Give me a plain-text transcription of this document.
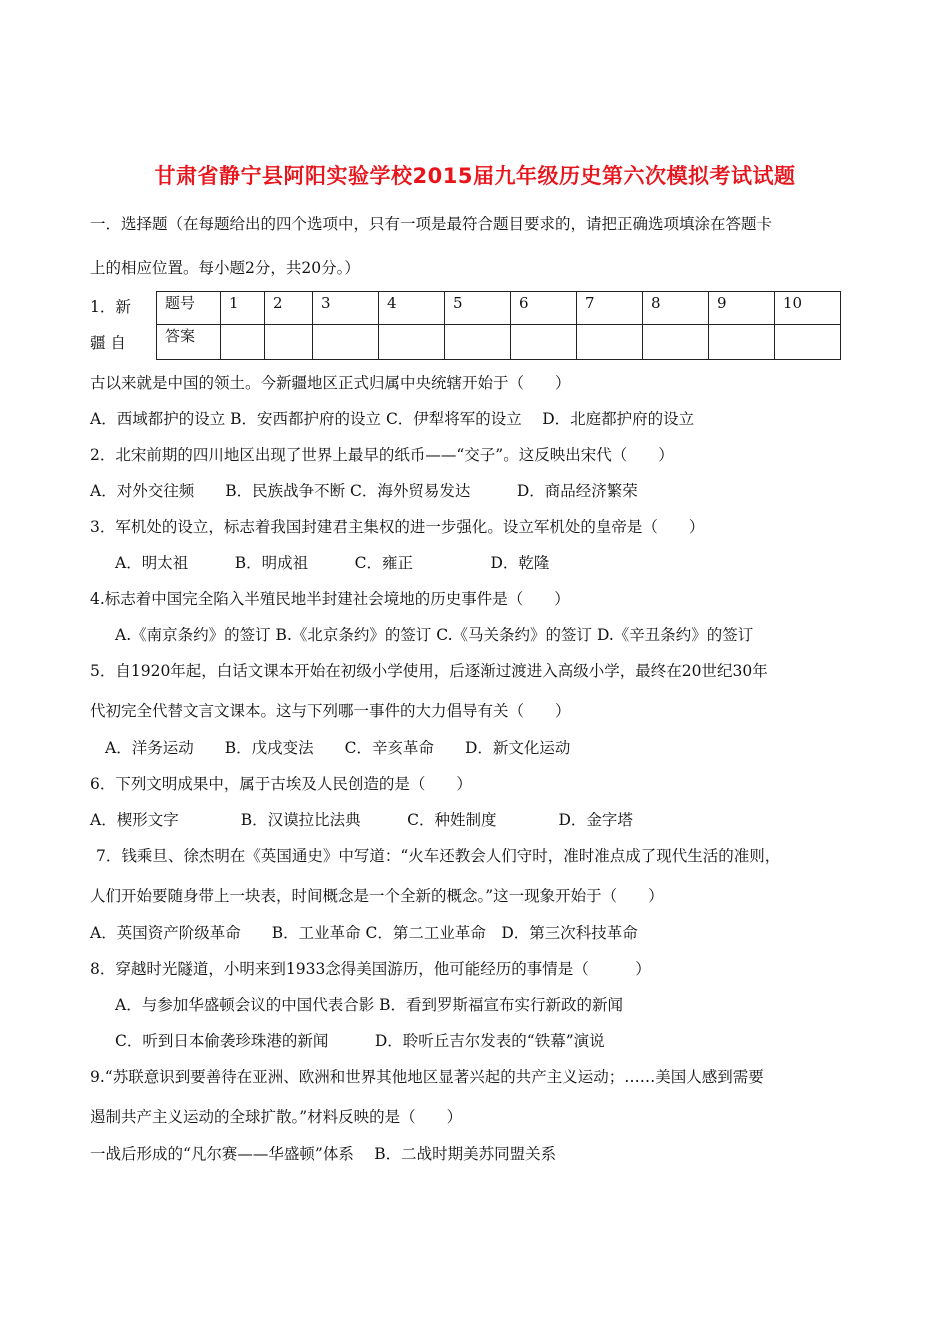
甘肃省静宁县阿阳实验学校2015届九年级历史第六次模拟考试试题
一．选择题（在每题给出的四个选项中，只有一项是最符合题目要求的，请把正确选项填涂在答题卡
上的相应位置。每小题2分，共20分。）
1．新
疆 自
题号	1	2	3	4	5	6	7	8	9	10
答案										
古以来就是中国的领土。今新疆地区正式归属中央统辖开始于（　　）
A．西域都护的设立 B．安西都护府的设立 C．伊犁将军的设立　 D．北庭都护府的设立
2．北宋前期的四川地区出现了世界上最早的纸币——“交子”。这反映出宋代（　　）
A．对外交往频　　B．民族战争不断 C．海外贸易发达　　　D．商品经济繁荣
3．军机处的设立，标志着我国封建君主集权的进一步强化。设立军机处的皇帝是（　　）
A．明太祖　　　B．明成祖　　　C．雍正　　　　　D．乾隆
4.标志着中国完全陷入半殖民地半封建社会境地的历史事件是（　　）
A.《南京条约》的签订 B.《北京条约》的签订 C.《马关条约》的签订 D.《辛丑条约》的签订
5．自1920年起，白话文课本开始在初级小学使用，后逐渐过渡进入高级小学，最终在20世纪30年
代初完全代替文言文课本。这与下列哪一事件的大力倡导有关（　　）
A．洋务运动　　B．戊戌变法　　C．辛亥革命　　D．新文化运动
6．下列文明成果中，属于古埃及人民创造的是（　　）
A．楔形文字　　　　B．汉谟拉比法典　　　C．种姓制度　　　　D．金字塔
7．钱乘旦、徐杰明在《英国通史》中写道：“火车还教会人们守时，准时准点成了现代生活的准则，
人们开始要随身带上一块表，时间概念是一个全新的概念。”这一现象开始于（　　）
A．英国资产阶级革命　　B．工业革命 C．第二工业革命　D．第三次科技革命
8．穿越时光隧道，小明来到1933念得美国游历，他可能经历的事情是（　　　）
A．与参加华盛顿会议的中国代表合影 B．看到罗斯福宣布实行新政的新闻
C．听到日本偷袭珍珠港的新闻　　　D．聆听丘吉尔发表的“铁幕”演说
9.“苏联意识到要善待在亚洲、欧洲和世界其他地区显著兴起的共产主义运动；……美国人感到需要
遏制共产主义运动的全球扩散。”材料反映的是（　　）
一战后形成的“凡尔赛——华盛顿”体系　 B．二战时期美苏同盟关系
